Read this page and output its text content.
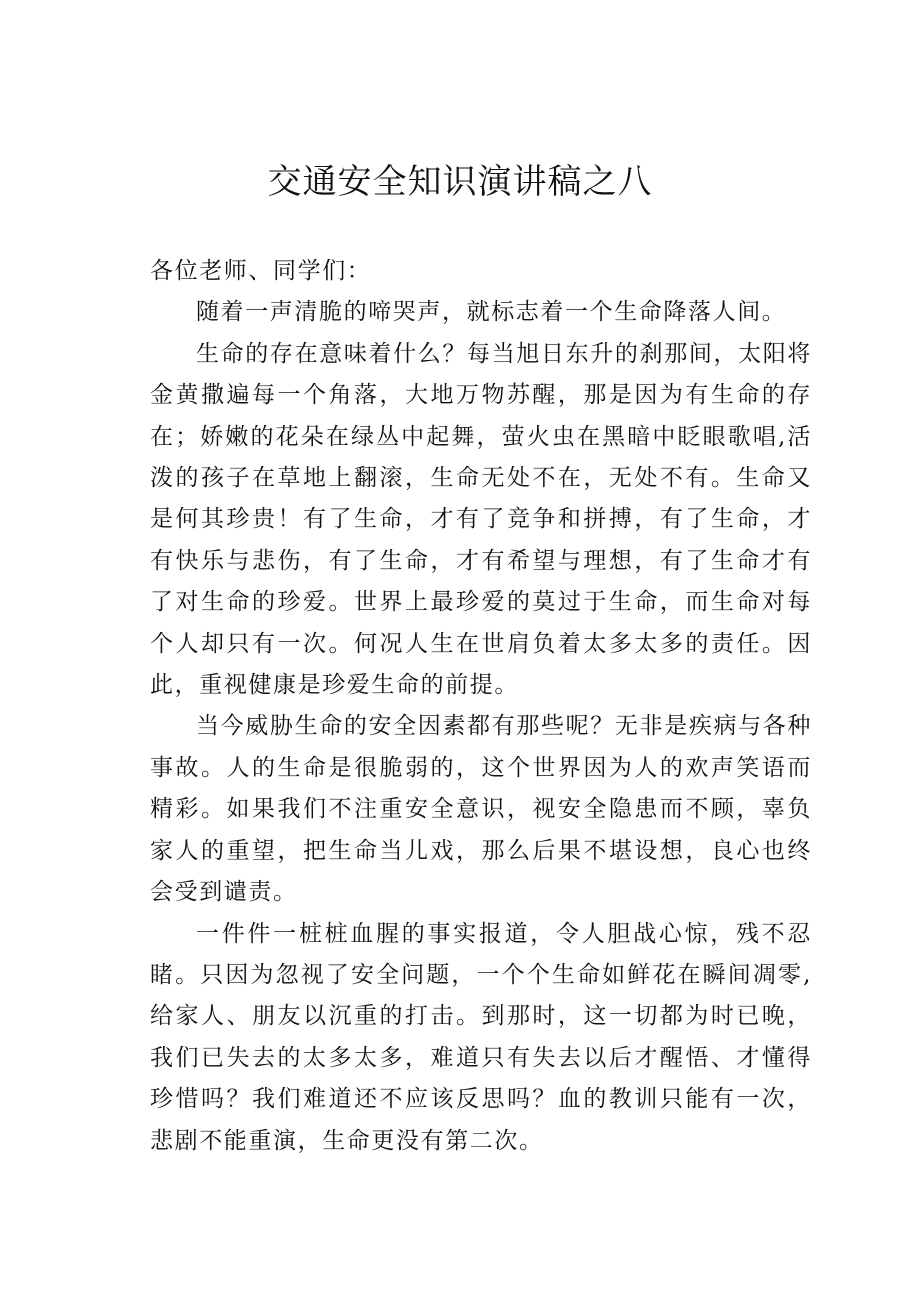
交通安全知识演讲稿之八

各位老师、同学们：

随着一声清脆的啼哭声，就标志着一个生命降落人间。

生命的存在意味着什么？每当旭日东升的刹那间，太阳将金黄撒遍每一个角落，大地万物苏醒，那是因为有生命的存在；娇嫩的花朵在绿丛中起舞，萤火虫在黑暗中眨眼歌唱,活泼的孩子在草地上翻滚，生命无处不在，无处不有。生命又是何其珍贵！有了生命，才有了竞争和拼搏，有了生命，才有快乐与悲伤，有了生命，才有希望与理想，有了生命才有了对生命的珍爱。世界上最珍爱的莫过于生命，而生命对每个人却只有一次。何况人生在世肩负着太多太多的责任。因此，重视健康是珍爱生命的前提。

当今威胁生命的安全因素都有那些呢？无非是疾病与各种事故。人的生命是很脆弱的，这个世界因为人的欢声笑语而精彩。如果我们不注重安全意识，视安全隐患而不顾，辜负家人的重望，把生命当儿戏，那么后果不堪设想，良心也终会受到谴责。

一件件一桩桩血腥的事实报道，令人胆战心惊，残不忍睹。只因为忽视了安全问题，一个个生命如鲜花在瞬间凋零,给家人、朋友以沉重的打击。到那时，这一切都为时已晚，我们已失去的太多太多，难道只有失去以后才醒悟、才懂得珍惜吗？我们难道还不应该反思吗？血的教训只能有一次，悲剧不能重演，生命更没有第二次。
